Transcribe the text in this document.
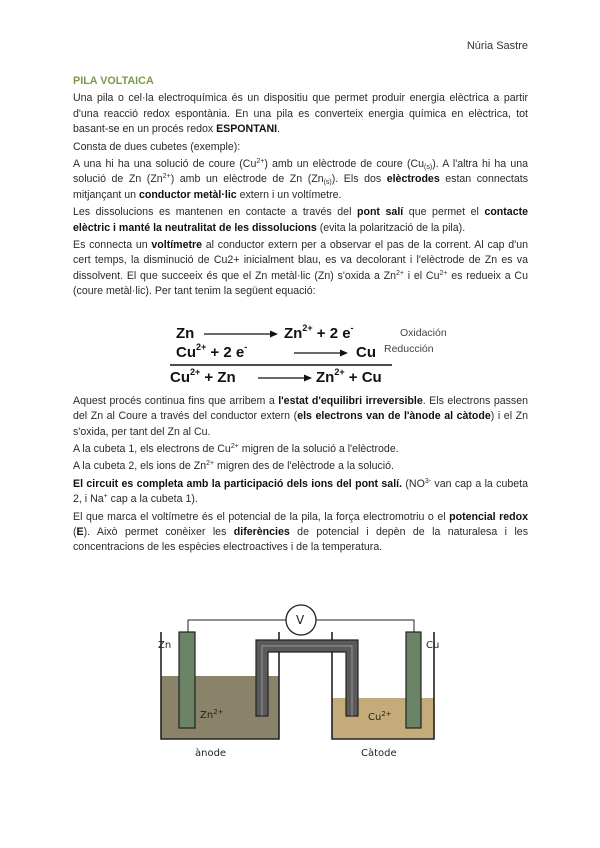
Núria Sastre
PILA VOLTAICA

Una pila o cel·la electroquímica és un dispositiu que permet produir energia elèctrica a partir d'una reacció redox espontània. En una pila es converteix energia química en elèctrica, tot basant-se en un procés redox ESPONTANI.

Consta de dues cubetes (exemple):

A una hi ha una solució de coure $(Cu^{2+})$ amb un elèctrode de coure $(Cu_{(s)})$. A l'altra hi ha una solució de Zn $(Zn^{2+})$ amb un elèctrode de Zn $(Zn_{(s)})$. Els dos elèctrodes estan connectats mitjançant un conductor metàl·lic extern i un voltímetre.

Les dissolucions es mantenen en contacte a través del pont salí que permet el contacte elèctric i manté la neutralitat de les dissolucions (evita la polarització de la pila).

Es connecta un voltímetre al conductor extern per a observar el pas de la corrent. Al cap d'un cert temps, la disminució de Cu2+ inicialment blau, es va decolorant i l'elèctrode de Zn es va dissolvent. El que succeeix és que el Zn metàl·lic (Zn) s'oxida a $Zn^{2+}$ i el $Cu^{2+}$ es redueix a Cu (coure metàl·lic). Per tant tenim la següent equació:

Aquest procés continua fins que arribem a l'estat d'equilibri irreversible. Els electrons passen del Zn al Coure a través del conductor extern (els electrons van de l'ànode al càtode) i el Zn s'oxida, per tant del Zn al Cu.

A la cubeta 1, els electrons de $Cu^{2+}$ migren de la solució a l'elèctrode.

A la cubeta 2, els ions de $Zn^{2+}$ migren des de l'elèctrode a la solució.

El circuit es completa amb la participació dels ions del pont salí. ($NO^{3-}$ van cap a la cubeta 2, i Na+ cap a la cubeta 1).

El que marca el voltímetre és el potencial de la pila, la força electromotriu o el potencial redox (E). Això permet conèixer les diferències de potencial i depèn de la naturalesa i les concentracions de les espècies electroactives i de la temperatura.

Zn	$Zn^{2+} + 2$ e-	Oxidación
$Cu^{2+} + 2$ e-	Cu Reducción
$Cu^{2+} + Zn$	$Zn^{2+} + Cu$
V
Zn	Cu
$Zn^{2+}$	$Cu^{2+}$
ànode	Càtode
